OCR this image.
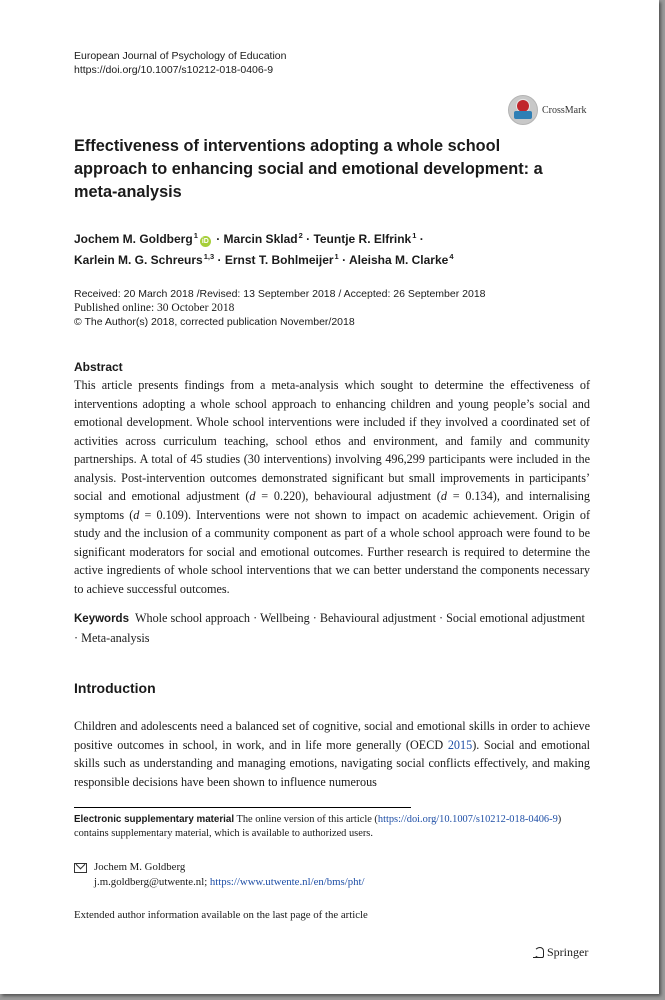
European Journal of Psychology of Education
https://doi.org/10.1007/s10212-018-0406-9
CrossMark
Effectiveness of interventions adopting a whole school approach to enhancing social and emotional development: a meta-analysis
Jochem M. Goldberg$^1$iD · Marcin Sklad$^2$ · Teuntje R. Elfrink$^1$ ·
Karlein M. G. Schreurs$^{1,3}$ · Ernst T. Bohlmeijer$^1$ · Aleisha M. Clarke$^4$
Received: 20 March 2018 /Revised: 13 September 2018 / Accepted: 26 September 2018
Published online: 30 October 2018
© The Author(s) 2018, corrected publication November/2018
Abstract
This article presents findings from a meta-analysis which sought to determine the effectiveness of interventions adopting a whole school approach to enhancing children and young people’s social and emotional development. Whole school interventions were included if they involved a coordinated set of activities across curriculum teaching, school ethos and environment, and family and community partnerships. A total of 45 studies (30 interventions) involving 496,299 participants were included in the analysis. Post-intervention outcomes demonstrated significant but small improvements in participants’ social and emotional adjustment (d = 0.220), behavioural adjustment (d = 0.134), and internalising symptoms (d = 0.109). Interventions were not shown to impact on academic achievement. Origin of study and the inclusion of a community component as part of a whole school approach were found to be significant moderators for social and emotional outcomes. Further research is required to determine the active ingredients of whole school interventions that we can better understand the components necessary to achieve successful outcomes.
Keywords Whole school approach · Wellbeing · Behavioural adjustment · Social emotional adjustment · Meta-analysis
Introduction
Children and adolescents need a balanced set of cognitive, social and emotional skills in order to achieve positive outcomes in school, in work, and in life more generally (OECD 2015). Social and emotional skills such as understanding and managing emotions, navigating social conflicts effectively, and making responsible decisions have been shown to influence numerous
Electronic supplementary material The online version of this article (https://doi.org/10.1007/s10212-018-0406-9) contains supplementary material, which is available to authorized users.
Jochem M. Goldberg
j.m.goldberg@utwente.nl; https://www.utwente.nl/en/bms/pht/
Extended author information available on the last page of the article
Springer
